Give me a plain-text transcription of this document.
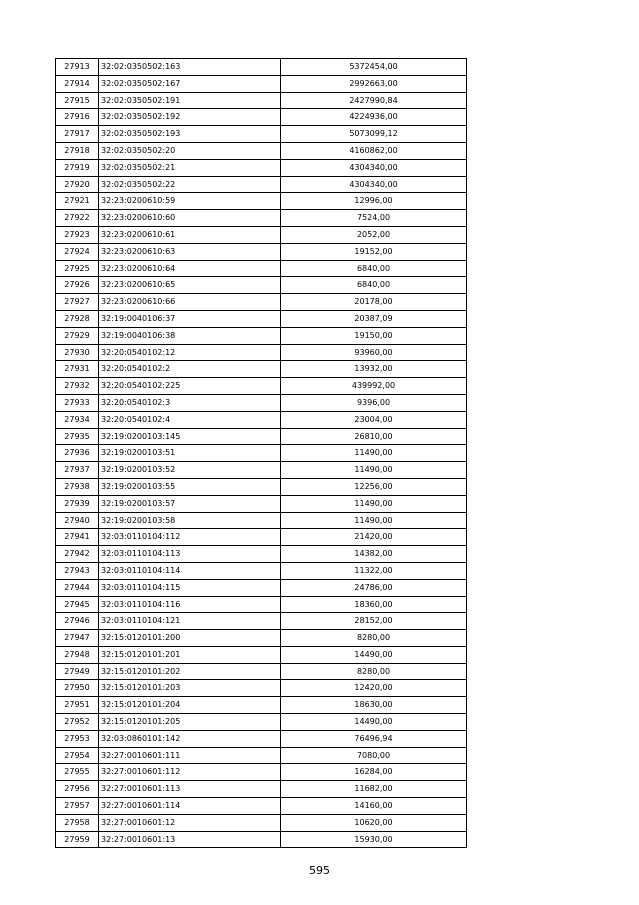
27913	32:02:0350502:163	5372454,00
27914	32:02:0350502:167	2992663,00
27915	32:02:0350502:191	2427990,84
27916	32:02:0350502:192	4224936,00
27917	32:02:0350502:193	5073099,12
27918	32:02:0350502:20	4160862,00
27919	32:02:0350502:21	4304340,00
27920	32:02:0350502:22	4304340,00
27921	32:23:0200610:59	12996,00
27922	32:23:0200610:60	7524,00
27923	32:23:0200610:61	2052,00
27924	32:23:0200610:63	19152,00
27925	32:23:0200610:64	6840,00
27926	32:23:0200610:65	6840,00
27927	32:23:0200610:66	20178,00
27928	32:19:0040106:37	20387,09
27929	32:19:0040106:38	19150,00
27930	32:20:0540102:12	93960,00
27931	32:20:0540102:2	13932,00
27932	32:20:0540102:225	439992,00
27933	32:20:0540102:3	9396,00
27934	32:20:0540102:4	23004,00
27935	32:19:0200103:145	26810,00
27936	32:19:0200103:51	11490,00
27937	32:19:0200103:52	11490,00
27938	32:19:0200103:55	12256,00
27939	32:19:0200103:57	11490,00
27940	32:19:0200103:58	11490,00
27941	32:03:0110104:112	21420,00
27942	32:03:0110104:113	14382,00
27943	32:03:0110104:114	11322,00
27944	32:03:0110104:115	24786,00
27945	32:03:0110104:116	18360,00
27946	32:03:0110104:121	28152,00
27947	32:15:0120101:200	8280,00
27948	32:15:0120101:201	14490,00
27949	32:15:0120101:202	8280,00
27950	32:15:0120101:203	12420,00
27951	32:15:0120101:204	18630,00
27952	32:15:0120101:205	14490,00
27953	32:03:0860101:142	76496,94
27954	32:27:0010601:111	7080,00
27955	32:27:0010601:112	16284,00
27956	32:27:0010601:113	11682,00
27957	32:27:0010601:114	14160,00
27958	32:27:0010601:12	10620,00
27959	32:27:0010601:13	15930,00
595
